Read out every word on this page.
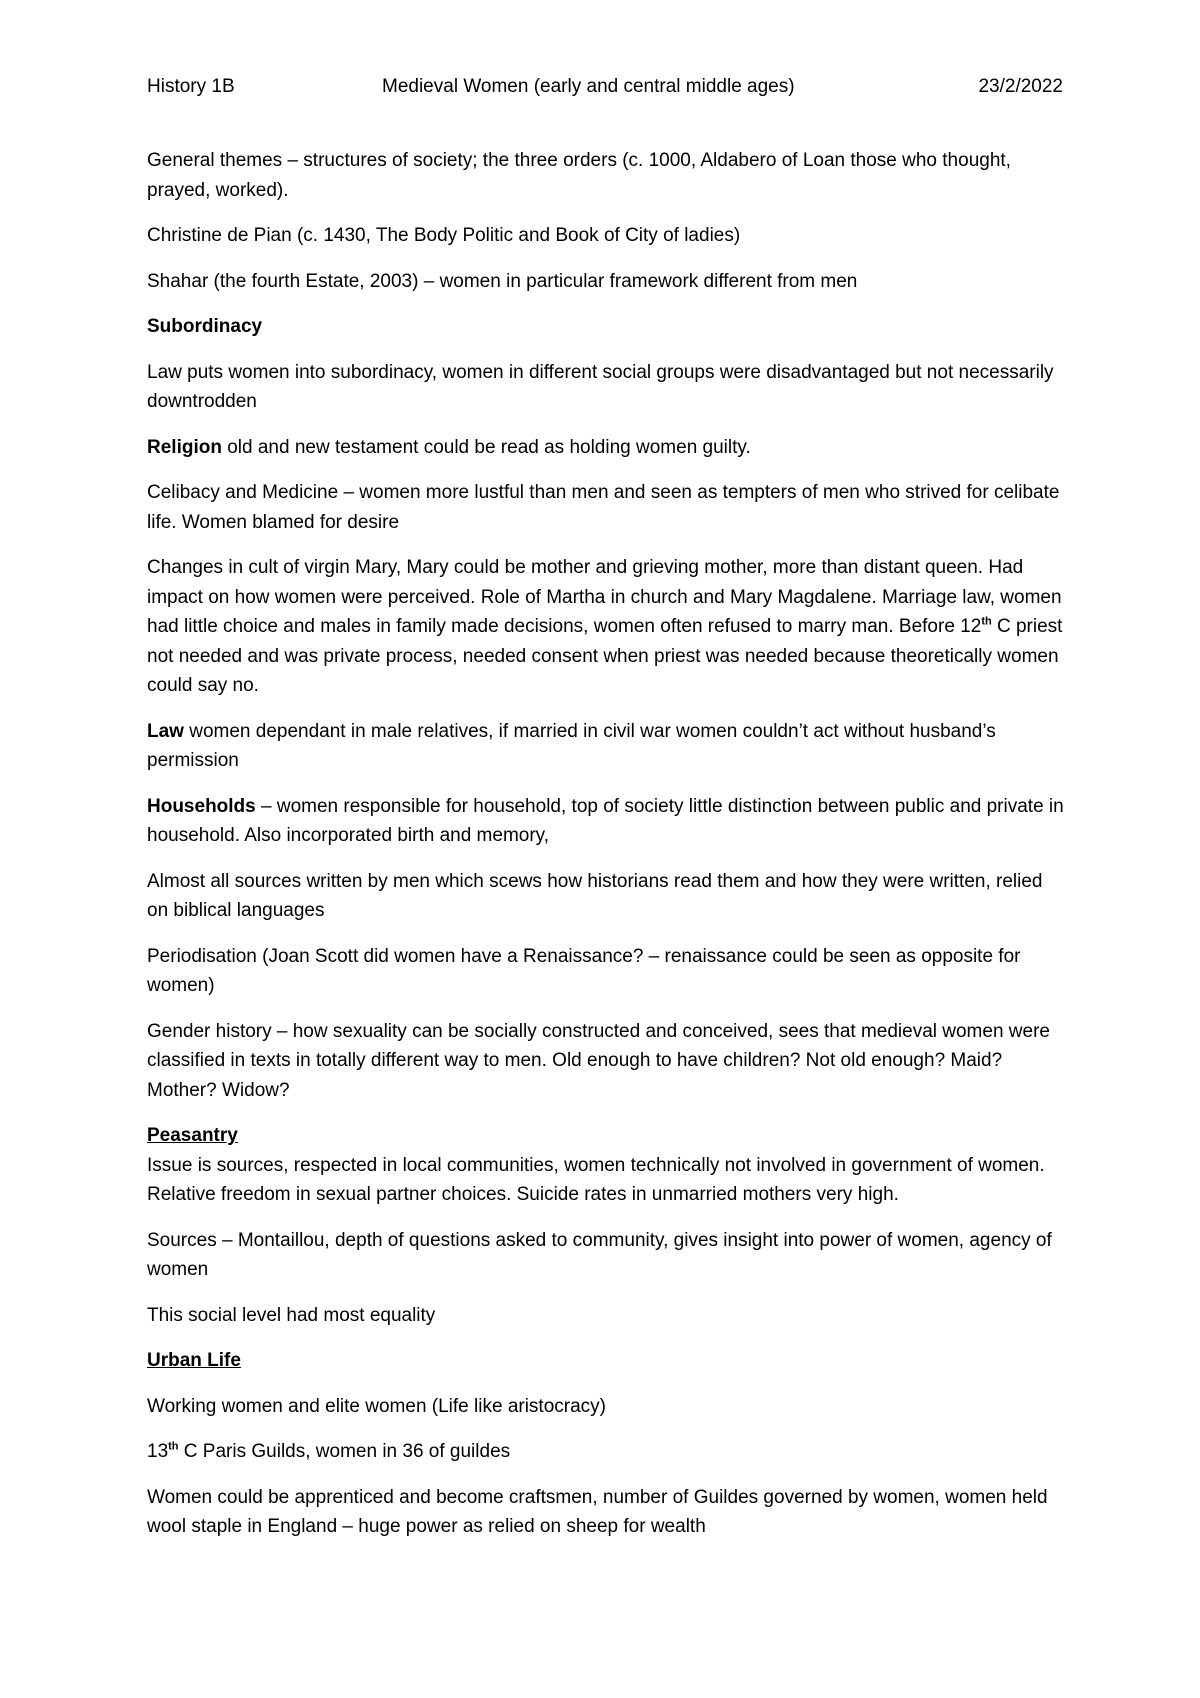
History 1B	Medieval Women (early and central middle ages)	23/2/2022

General themes – structures of society; the three orders (c. 1000, Aldabero of Loan those who thought, prayed, worked).

Christine de Pian (c. 1430, The Body Politic and Book of City of ladies)

Shahar (the fourth Estate, 2003) – women in particular framework different from men

Subordinacy

Law puts women into subordinacy, women in different social groups were disadvantaged but not necessarily downtrodden

Religion old and new testament could be read as holding women guilty.

Celibacy and Medicine – women more lustful than men and seen as tempters of men who strived for celibate life. Women blamed for desire

Changes in cult of virgin Mary, Mary could be mother and grieving mother, more than distant queen. Had impact on how women were perceived. Role of Martha in church and Mary Magdalene. Marriage law, women had little choice and males in family made decisions, women often refused to marry man. Before 12th C priest not needed and was private process, needed consent when priest was needed because theoretically women could say no.

Law women dependant in male relatives, if married in civil war women couldn’t act without husband’s permission

Households – women responsible for household, top of society little distinction between public and private in household. Also incorporated birth and memory,

Almost all sources written by men which scews how historians read them and how they were written, relied on biblical languages

Periodisation (Joan Scott did women have a Renaissance? – renaissance could be seen as opposite for women)

Gender history – how sexuality can be socially constructed and conceived, sees that medieval women were classified in texts in totally different way to men. Old enough to have children? Not old enough? Maid? Mother? Widow?

Peasantry

Issue is sources, respected in local communities, women technically not involved in government of women. Relative freedom in sexual partner choices. Suicide rates in unmarried mothers very high.

Sources – Montaillou, depth of questions asked to community, gives insight into power of women, agency of women

This social level had most equality

Urban Life

Working women and elite women (Life like aristocracy)

13th C Paris Guilds, women in 36 of guildes

Women could be apprenticed and become craftsmen, number of Guildes governed by women, women held wool staple in England – huge power as relied on sheep for wealth
